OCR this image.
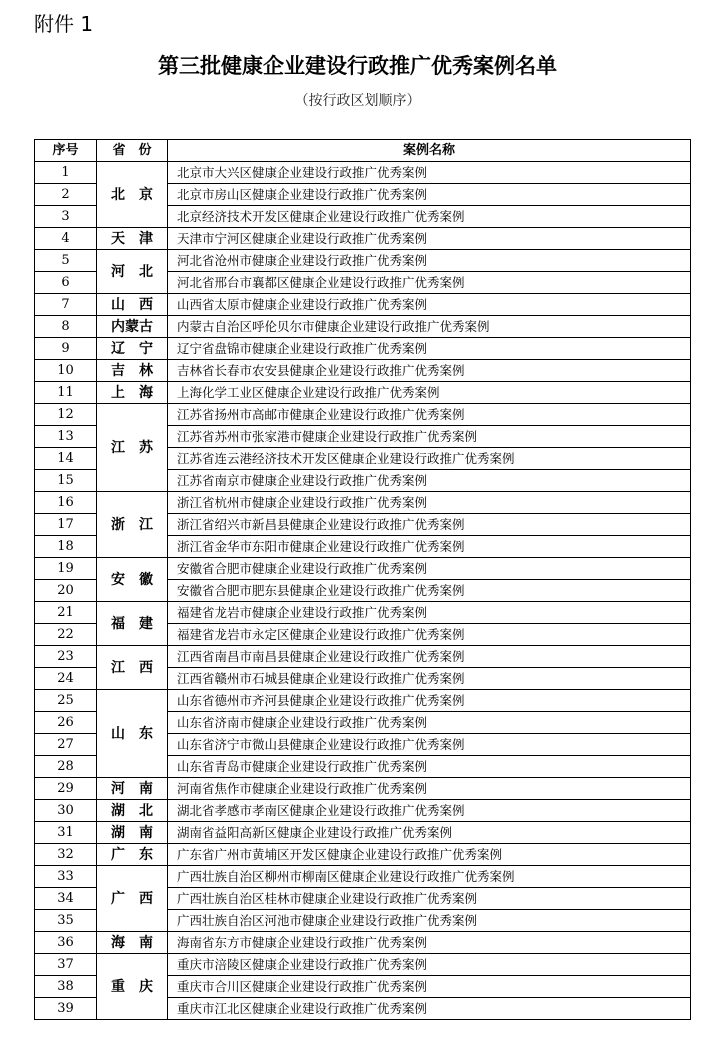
附件 1
第三批健康企业建设行政推广优秀案例名单
（按行政区划顺序）
序号	省　份	案例名称
1	北　京	北京市大兴区健康企业建设行政推广优秀案例
2		北京市房山区健康企业建设行政推广优秀案例
3		北京经济技术开发区健康企业建设行政推广优秀案例
4	天　津	天津市宁河区健康企业建设行政推广优秀案例
5	河　北	河北省沧州市健康企业建设行政推广优秀案例
6		河北省邢台市襄都区健康企业建设行政推广优秀案例
7	山　西	山西省太原市健康企业建设行政推广优秀案例
8	内蒙古	内蒙古自治区呼伦贝尔市健康企业建设行政推广优秀案例
9	辽　宁	辽宁省盘锦市健康企业建设行政推广优秀案例
10	吉　林	吉林省长春市农安县健康企业建设行政推广优秀案例
11	上　海	上海化学工业区健康企业建设行政推广优秀案例
12	江　苏	江苏省扬州市高邮市健康企业建设行政推广优秀案例
13		江苏省苏州市张家港市健康企业建设行政推广优秀案例
14		江苏省连云港经济技术开发区健康企业建设行政推广优秀案例
15		江苏省南京市健康企业建设行政推广优秀案例
16	浙　江	浙江省杭州市健康企业建设行政推广优秀案例
17		浙江省绍兴市新昌县健康企业建设行政推广优秀案例
18		浙江省金华市东阳市健康企业建设行政推广优秀案例
19	安　徽	安徽省合肥市健康企业建设行政推广优秀案例
20		安徽省合肥市肥东县健康企业建设行政推广优秀案例
21	福　建	福建省龙岩市健康企业建设行政推广优秀案例
22		福建省龙岩市永定区健康企业建设行政推广优秀案例
23	江　西	江西省南昌市南昌县健康企业建设行政推广优秀案例
24		江西省赣州市石城县健康企业建设行政推广优秀案例
25	山　东	山东省德州市齐河县健康企业建设行政推广优秀案例
26		山东省济南市健康企业建设行政推广优秀案例
27		山东省济宁市微山县健康企业建设行政推广优秀案例
28		山东省青岛市健康企业建设行政推广优秀案例
29	河　南	河南省焦作市健康企业建设行政推广优秀案例
30	湖　北	湖北省孝感市孝南区健康企业建设行政推广优秀案例
31	湖　南	湖南省益阳高新区健康企业建设行政推广优秀案例
32	广　东	广东省广州市黄埔区开发区健康企业建设行政推广优秀案例
33	广　西	广西壮族自治区柳州市柳南区健康企业建设行政推广优秀案例
34		广西壮族自治区桂林市健康企业建设行政推广优秀案例
35		广西壮族自治区河池市健康企业建设行政推广优秀案例
36	海　南	海南省东方市健康企业建设行政推广优秀案例
37	重　庆	重庆市涪陵区健康企业建设行政推广优秀案例
38		重庆市合川区健康企业建设行政推广优秀案例
39		重庆市江北区健康企业建设行政推广优秀案例
